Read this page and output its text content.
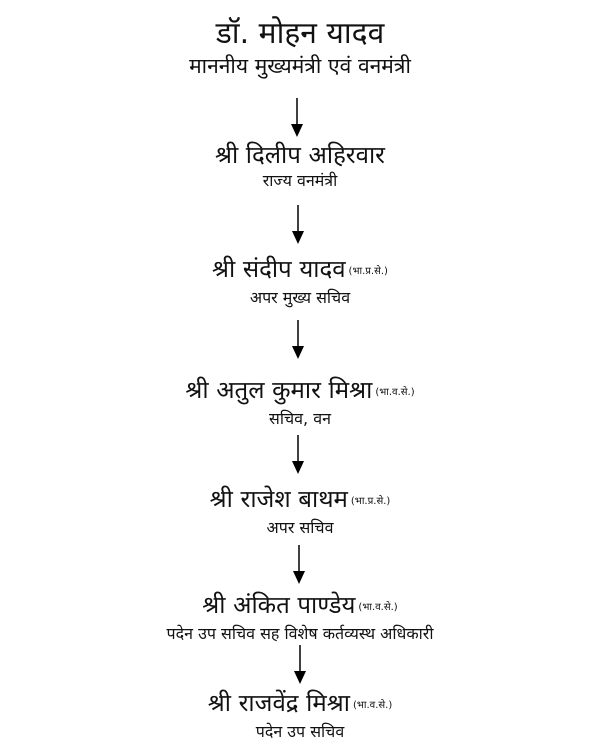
डॉ. मोहन यादव
माननीय मुख्यमंत्री एवं वनमंत्री
श्री दिलीप अहिरवार
राज्य वनमंत्री
श्री संदीप यादव (भा.प्र.से.)
अपर मुख्य सचिव
श्री अतुल कुमार मिश्रा (भा.व.से.)
सचिव, वन
श्री राजेश बाथम (भा.प्र.से.)
अपर सचिव
श्री अंकित पाण्डेय (भा.व.से.)
पदेन उप सचिव सह विशेष कर्तव्यस्थ अधिकारी
श्री राजवेंद्र मिश्रा (भा.व.से.)
पदेन उप सचिव
